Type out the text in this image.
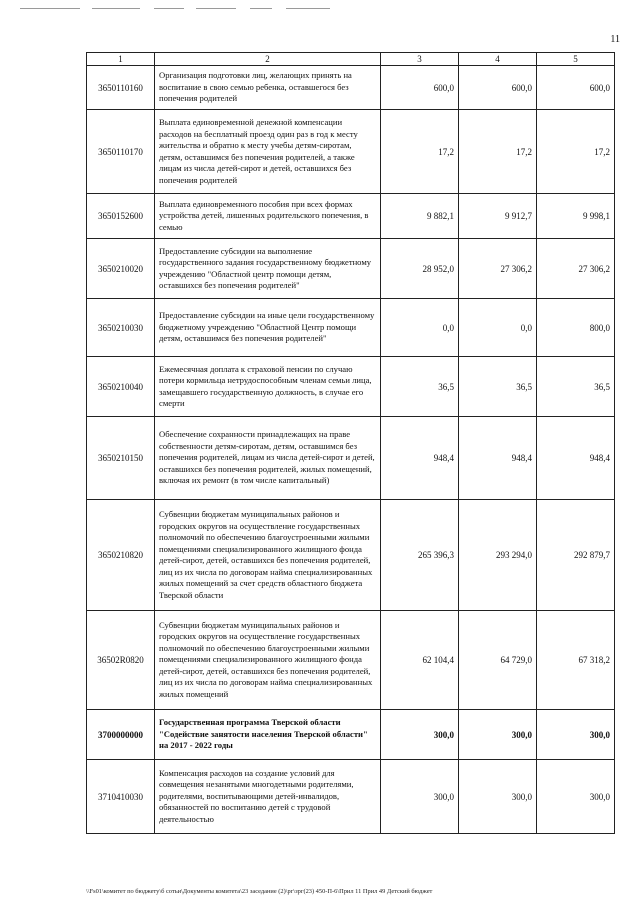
11
1	2	3	4	5
3650110160	Организация подготовки лиц, желающих принять на воспитание в свою семью ребенка, оставшегося без попечения родителей	600,0	600,0	600,0
3650110170	Выплата единовременной денежной компенсации расходов на бесплатный проезд один раз в год к месту жительства и обратно к месту учебы детям-сиротам, детям, оставшимся без попечения родителей, а также лицам из числа детей-сирот и детей, оставшихся без попечения родителей	17,2	17,2	17,2
3650152600	Выплата единовременного пособия при всех формах устройства детей, лишенных родительского попечения, в семью	9 882,1	9 912,7	9 998,1
3650210020	Предоставление субсидии на выполнение государственного задания государственному бюджетному учреждению "Областной центр помощи детям, оставшихся без попечения родителей"	28 952,0	27 306,2	27 306,2
3650210030	Предоставление субсидии на иные цели государственному бюджетному учреждению "Областной Центр помощи детям, оставшимся без попечения родителей"	0,0	0,0	800,0
3650210040	Ежемесячная доплата к страховой пенсии по случаю потери кормильца нетрудоспособным членам семьи лица, замещавшего государственную должность, в случае его смерти	36,5	36,5	36,5
3650210150	Обеспечение сохранности принадлежащих на праве собственности детям-сиротам, детям, оставшимся без попечения родителей, лицам из числа детей-сирот и детей, оставшихся без попечения родителей, жилых помещений, включая их ремонт (в том числе капитальный)	948,4	948,4	948,4
3650210820	Субвенции бюджетам муниципальных районов и городских округов на осуществление государственных полномочий по обеспечению благоустроенными жилыми помещениями специализированного жилищного фонда детей-сирот, детей, оставшихся без попечения родителей, лиц из их числа по договорам найма специализированных жилых помещений за счет средств областного бюджета Тверской области	265 396,3	293 294,0	292 879,7
36502R0820	Субвенции бюджетам муниципальных районов и городских округов на осуществление государственных полномочий по обеспечению благоустроенными жилыми помещениями специализированного жилищного фонда детей-сирот, детей, оставшихся без попечения родителей, лиц из их числа по договорам найма специализированных жилых помещений	62 104,4	64 729,0	67 318,2
3700000000	Государственная программа Тверской области "Содействие занятости населения Тверской области" на 2017 - 2022 годы	300,0	300,0	300,0
3710410030	Компенсация расходов на создание условий для совмещения незанятыми многодетными родителями, родителями, воспитывающими детей-инвалидов, обязанностей по воспитанию детей с трудовой деятельностью	300,0	300,0	300,0
\\Fs01\комитет по бюджету\б сотьи\Документы комитета\23 заседание (2)\рг\зрг(23) 450-П-6\Прил 11 Прил 49 Детский бюджет
